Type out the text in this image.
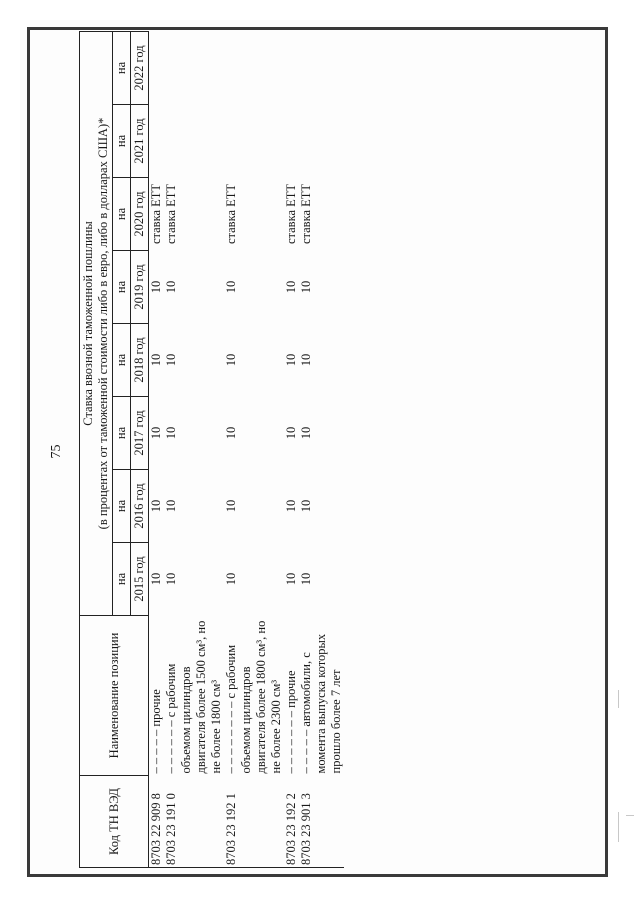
75
Код ТН ВЭД	Наименование позиции	Ставка ввозной таможенной пошлины (в процентах от таможенной стоимости либо в евро, либо в долларах США)*							

		на	на	на	на	на	на	на	на
		2015 год	2016 год	2017 год	2018 год	2019 год	2020 год	2021 год	2022 год
8703 22 909 8	– – – – – прочие	10	10	10	10	10	ставка ЕТТ		
8703 23 191 0	– – – – – – с рабочим объемом цилиндров двигателя более 1500 см³, но не более 1800 см³	10	10	10	10	10	ставка ЕТТ		
8703 23 192 1	– – – – – – – – с рабочим объемом цилиндров двигателя более 1800 см³, но не более 2300 см³	10	10	10	10	10	ставка ЕТТ		
8703 23 192 2	– – – – – – – прочие	10	10	10	10	10	ставка ЕТТ		
8703 23 901 3	– – – – – автомобили, с момента выпуска которых прошло более 7 лет	10	10	10	10	10	ставка ЕТТ		
